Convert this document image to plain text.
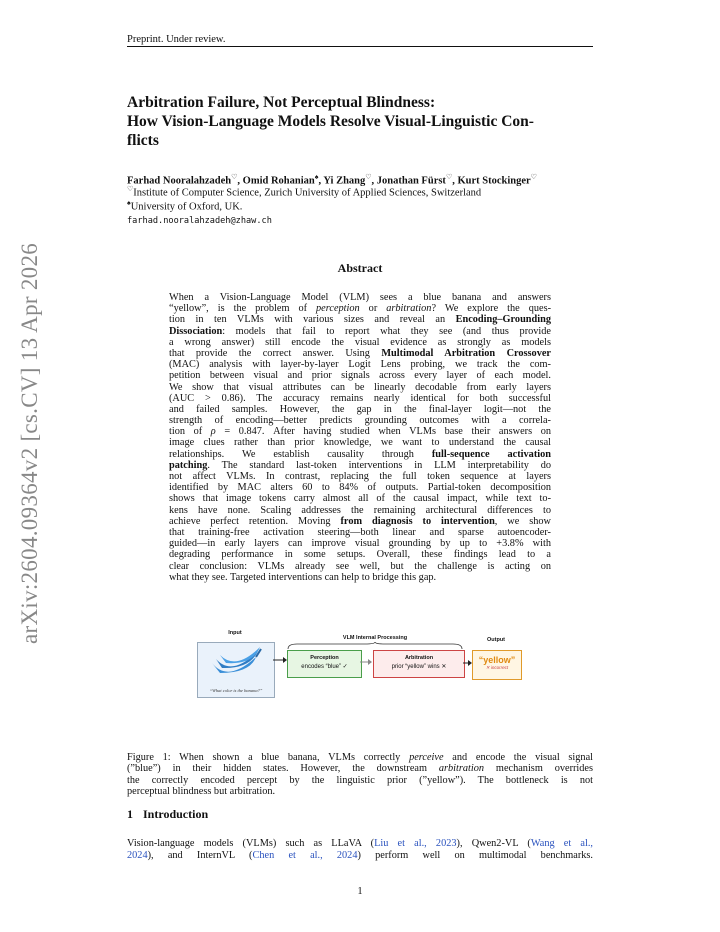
Preprint. Under review.
Arbitration Failure, Not Perceptual Blindness:
How Vision-Language Models Resolve Visual-Linguistic Con-
flicts
Farhad Nooralahzadeh♡, Omid Rohanian♠, Yi Zhang♡, Jonathan Fürst♡, Kurt Stockinger♡
♡Institute of Computer Science, Zurich University of Applied Sciences, Switzerland
♠University of Oxford, UK.
farhad.nooralahzadeh@zhaw.ch
arXiv:2604.09364v2 [cs.CV] 13 Apr 2026	Abstract
When a Vision-Language Model (VLM) sees a blue banana and answers
“yellow”, is the problem of perception or arbitration? We explore the ques-
tion in ten VLMs with various sizes and reveal an Encoding–Grounding
Dissociation: models that fail to report what they see (and thus provide
a wrong answer) still encode the visual evidence as strongly as models
that provide the correct answer. Using Multimodal Arbitration Crossover
(MAC) analysis with layer-by-layer Logit Lens probing, we track the com-
petition between visual and prior signals across every layer of each model.
We show that visual attributes can be linearly decodable from early layers
(AUC > 0.86). The accuracy remains nearly identical for both successful
and failed samples. However, the gap in the final-layer logit—not the
strength of encoding—better predicts grounding outcomes with a correla-
tion of ρ = 0.847. After having studied when VLMs base their answers on
image clues rather than prior knowledge, we want to understand the causal
relationships. We establish causality through full-sequence activation
patching. The standard last-token interventions in LLM interpretability do
not affect VLMs. In contrast, replacing the full token sequence at layers
identified by MAC alters 60 to 84% of outputs. Partial-token decomposition
shows that image tokens carry almost all of the causal impact, while text to-
kens have none. Scaling addresses the remaining architectural differences to
achieve perfect retention. Moving from diagnosis to intervention, we show
that training-free activation steering—both linear and sparse autoencoder-
guided—in early layers can improve visual grounding by up to +3.8% with
degrading performance in some setups. Overall, these findings lead to a
clear conclusion: VLMs already see well, but the challenge is acting on
what they see. Targeted interventions can help to bridge this gap.
Input
VLM Internal Processing	Output
“What color is the banana?”
Perception
encodes “blue” ✓
Arbitration
prior “yellow” wins ✕
“yellow”
✕ incorrect
Figure 1: When shown a blue banana, VLMs correctly perceive and encode the visual signal
(”blue”) in their hidden states. However, the downstream arbitration mechanism overrides
the correctly encoded percept by the linguistic prior (”yellow”). The bottleneck is not
perceptual blindness but arbitration.
1 Introduction
Vision-language models (VLMs) such as LLaVA (Liu et al., 2023), Qwen2-VL (Wang et al.,
2024), and InternVL (Chen et al., 2024) perform well on multimodal benchmarks.
1
